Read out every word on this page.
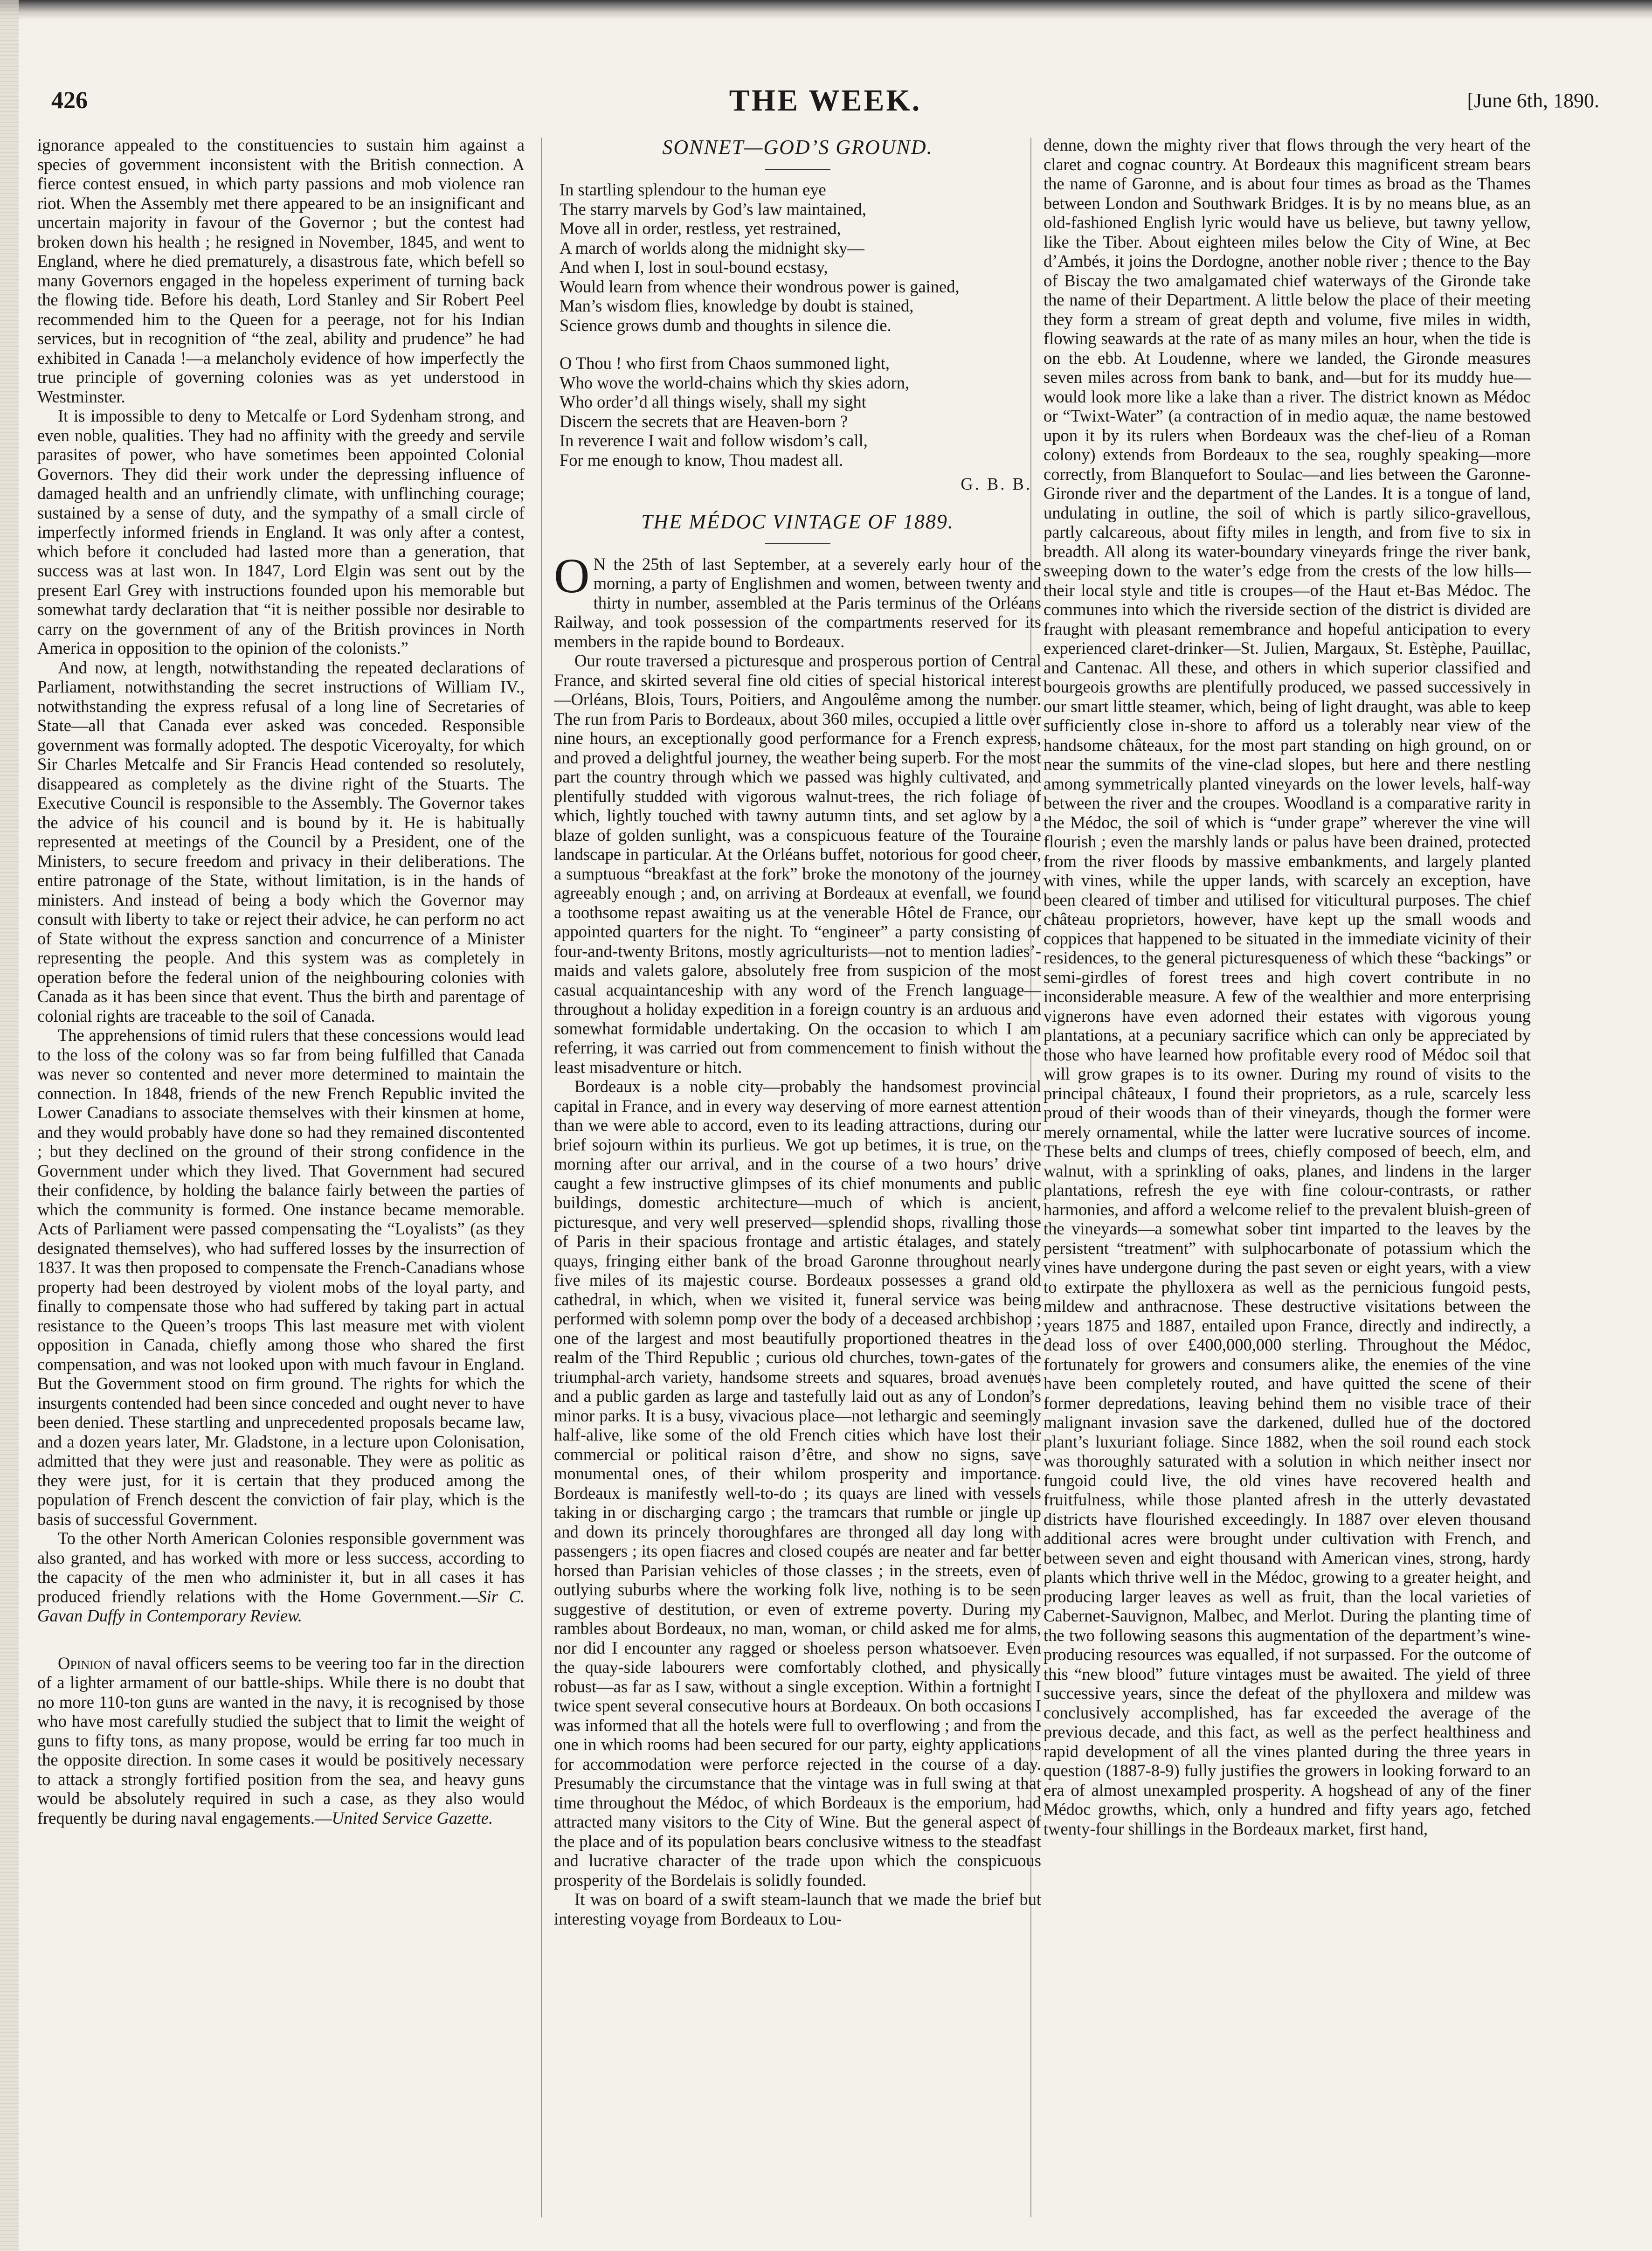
426	THE WEEK.	[June 6th, 1890.

ignorance appealed to the constituencies to sustain him against a species of government inconsistent with the British connection. A fierce contest ensued, in which party passions and mob violence ran riot. When the Assembly met there appeared to be an insignificant and uncertain majority in favour of the Governor ; but the contest had broken down his health ; he resigned in November, 1845, and went to England, where he died prematurely, a disastrous fate, which befell so many Governors engaged in the hopeless experiment of turning back the flowing tide. Before his death, Lord Stanley and Sir Robert Peel recommended him to the Queen for a peerage, not for his Indian services, but in recognition of “the zeal, ability and prudence” he had exhibited in Canada !—a melancholy evidence of how imperfectly the true principle of governing colonies was as yet understood in Westminster.

It is impossible to deny to Metcalfe or Lord Sydenham strong, and even noble, qualities. They had no affinity with the greedy and servile parasites of power, who have sometimes been appointed Colonial Governors. They did their work under the depressing influence of damaged health and an unfriendly climate, with unflinching courage; sustained by a sense of duty, and the sympathy of a small circle of imperfectly informed friends in England. It was only after a contest, which before it concluded had lasted more than a generation, that success was at last won. In 1847, Lord Elgin was sent out by the present Earl Grey with instructions founded upon his memorable but somewhat tardy declaration that “it is neither possible nor desirable to carry on the government of any of the British provinces in North America in opposition to the opinion of the colonists.”

And now, at length, notwithstanding the repeated declarations of Parliament, notwithstanding the secret instructions of William IV., notwithstanding the express refusal of a long line of Secretaries of State—all that Canada ever asked was conceded. Responsible government was formally adopted. The despotic Viceroyalty, for which Sir Charles Metcalfe and Sir Francis Head contended so resolutely, disappeared as completely as the divine right of the Stuarts. The Executive Council is responsible to the Assembly. The Governor takes the advice of his council and is bound by it. He is habitually represented at meetings of the Council by a President, one of the Ministers, to secure freedom and privacy in their deliberations. The entire patronage of the State, without limitation, is in the hands of ministers. And instead of being a body which the Governor may consult with liberty to take or reject their advice, he can perform no act of State without the express sanction and concurrence of a Minister representing the people. And this system was as completely in operation before the federal union of the neighbouring colonies with Canada as it has been since that event. Thus the birth and parentage of colonial rights are traceable to the soil of Canada.

The apprehensions of timid rulers that these concessions would lead to the loss of the colony was so far from being fulfilled that Canada was never so contented and never more determined to maintain the connection. In 1848, friends of the new French Republic invited the Lower Canadians to associate themselves with their kinsmen at home, and they would probably have done so had they remained discontented ; but they declined on the ground of their strong confidence in the Government under which they lived. That Government had secured their confidence, by holding the balance fairly between the parties of which the community is formed. One instance became memorable. Acts of Parliament were passed compensating the “Loyalists” (as they designated themselves), who had suffered losses by the insurrection of 1837. It was then proposed to compensate the French-Canadians whose property had been destroyed by violent mobs of the loyal party, and finally to compensate those who had suffered by taking part in actual resistance to the Queen’s troops This last measure met with violent opposition in Canada, chiefly among those who shared the first compensation, and was not looked upon with much favour in England. But the Government stood on firm ground. The rights for which the insurgents contended had been since conceded and ought never to have been denied. These startling and unprecedented proposals became law, and a dozen years later, Mr. Gladstone, in a lecture upon Colonisation, admitted that they were just and reasonable. They were as politic as they were just, for it is certain that they produced among the population of French descent the conviction of fair play, which is the basis of successful Government.

To the other North American Colonies responsible government was also granted, and has worked with more or less success, according to the capacity of the men who administer it, but in all cases it has produced friendly relations with the Home Government.—Sir C. Gavan Duffy in Contemporary Review.

Opinion of naval officers seems to be veering too far in the direction of a lighter armament of our battle-ships. While there is no doubt that no more 110-ton guns are wanted in the navy, it is recognised by those who have most carefully studied the subject that to limit the weight of guns to fifty tons, as many propose, would be erring far too much in the opposite direction. In some cases it would be positively necessary to attack a strongly fortified position from the sea, and heavy guns would be absolutely required in such a case, as they also would frequently be during naval engagements.—United Service Gazette.

SONNET—GOD’S GROUND.
In startling splendour to the human eye
The starry marvels by God’s law maintained,
Move all in order, restless, yet restrained,
A march of worlds along the midnight sky—
And when I, lost in soul-bound ecstasy,
Would learn from whence their wondrous power is gained,
Man’s wisdom flies, knowledge by doubt is stained,
Science grows dumb and thoughts in silence die.
O Thou ! who first from Chaos summoned light,
Who wove the world-chains which thy skies adorn,
Who order’d all things wisely, shall my sight
Discern the secrets that are Heaven-born ?
In reverence I wait and follow wisdom’s call,
For me enough to know, Thou madest all.
G. B. B.
THE MÉDOC VINTAGE OF 1889.

O N the 25th of last September, at a severely early hour of the morning, a party of Englishmen and women, between twenty and thirty in number, assembled at the Paris terminus of the Orléans Railway, and took possession of the compartments reserved for its members in the rapide bound to Bordeaux.

Our route traversed a picturesque and prosperous portion of Central France, and skirted several fine old cities of special historical interest—Orléans, Blois, Tours, Poitiers, and Angoulême among the number. The run from Paris to Bordeaux, about 360 miles, occupied a little over nine hours, an exceptionally good performance for a French express, and proved a delightful journey, the weather being superb. For the most part the country through which we passed was highly cultivated, and plentifully studded with vigorous walnut-trees, the rich foliage of which, lightly touched with tawny autumn tints, and set aglow by a blaze of golden sunlight, was a conspicuous feature of the Touraine landscape in particular. At the Orléans buffet, notorious for good cheer, a sumptuous “breakfast at the fork” broke the monotony of the journey agreeably enough ; and, on arriving at Bordeaux at evenfall, we found a toothsome repast awaiting us at the venerable Hôtel de France, our appointed quarters for the night. To “engineer” a party consisting of four-and-twenty Britons, mostly agriculturists—not to mention ladies’-maids and valets galore, absolutely free from suspicion of the most casual acquaintanceship with any word of the French language—throughout a holiday expedition in a foreign country is an arduous and somewhat formidable undertaking. On the occasion to which I am referring, it was carried out from commencement to finish without the least misadventure or hitch.

Bordeaux is a noble city—probably the handsomest provincial capital in France, and in every way deserving of more earnest attention than we were able to accord, even to its leading attractions, during our brief sojourn within its purlieus. We got up betimes, it is true, on the morning after our arrival, and in the course of a two hours’ drive caught a few instructive glimpses of its chief monuments and public buildings, domestic architecture—much of which is ancient, picturesque, and very well preserved—splendid shops, rivalling those of Paris in their spacious frontage and artistic étalages, and stately quays, fringing either bank of the broad Garonne throughout nearly five miles of its majestic course. Bordeaux possesses a grand old cathedral, in which, when we visited it, funeral service was being performed with solemn pomp over the body of a deceased archbishop ; one of the largest and most beautifully proportioned theatres in the realm of the Third Republic ; curious old churches, town-gates of the triumphal-arch variety, handsome streets and squares, broad avenues and a public garden as large and tastefully laid out as any of London’s minor parks. It is a busy, vivacious place—not lethargic and seemingly half-alive, like some of the old French cities which have lost their commercial or political raison d’être, and show no signs, save monumental ones, of their whilom prosperity and importance. Bordeaux is manifestly well-to-do ; its quays are lined with vessels taking in or discharging cargo ; the tramcars that rumble or jingle up and down its princely thoroughfares are thronged all day long with passengers ; its open fiacres and closed coupés are neater and far better horsed than Parisian vehicles of those classes ; in the streets, even of outlying suburbs where the working folk live, nothing is to be seen suggestive of destitution, or even of extreme poverty. During my rambles about Bordeaux, no man, woman, or child asked me for alms, nor did I encounter any ragged or shoeless person whatsoever. Even the quay-side labourers were comfortably clothed, and physically robust—as far as I saw, without a single exception. Within a fortnight I twice spent several consecutive hours at Bordeaux. On both occasions I was informed that all the hotels were full to overflowing ; and from the one in which rooms had been secured for our party, eighty applications for accommodation were perforce rejected in the course of a day. Presumably the circumstance that the vintage was in full swing at that time throughout the Médoc, of which Bordeaux is the emporium, had attracted many visitors to the City of Wine. But the general aspect of the place and of its population bears conclusive witness to the steadfast and lucrative character of the trade upon which the conspicuous prosperity of the Bordelais is solidly founded.

It was on board of a swift steam-launch that we made the brief but interesting voyage from Bordeaux to Lou-

denne, down the mighty river that flows through the very heart of the claret and cognac country. At Bordeaux this magnificent stream bears the name of Garonne, and is about four times as broad as the Thames between London and Southwark Bridges. It is by no means blue, as an old-fashioned English lyric would have us believe, but tawny yellow, like the Tiber. About eighteen miles below the City of Wine, at Bec d’Ambés, it joins the Dordogne, another noble river ; thence to the Bay of Biscay the two amalgamated chief waterways of the Gironde take the name of their Department. A little below the place of their meeting they form a stream of great depth and volume, five miles in width, flowing seawards at the rate of as many miles an hour, when the tide is on the ebb. At Loudenne, where we landed, the Gironde measures seven miles across from bank to bank, and—but for its muddy hue—would look more like a lake than a river. The district known as Médoc or “Twixt-Water” (a contraction of in medio aquæ, the name bestowed upon it by its rulers when Bordeaux was the chef-lieu of a Roman colony) extends from Bordeaux to the sea, roughly speaking—more correctly, from Blanquefort to Soulac—and lies between the Garonne-Gironde river and the department of the Landes. It is a tongue of land, undulating in outline, the soil of which is partly silico-gravellous, partly calcareous, about fifty miles in length, and from five to six in breadth. All along its water-boundary vineyards fringe the river bank, sweeping down to the water’s edge from the crests of the low hills—their local style and title is croupes—of the Haut et-Bas Médoc. The communes into which the riverside section of the district is divided are fraught with pleasant remembrance and hopeful anticipation to every experienced claret-drinker—St. Julien, Margaux, St. Estèphe, Pauillac, and Cantenac. All these, and others in which superior classified and bourgeois growths are plentifully produced, we passed successively in our smart little steamer, which, being of light draught, was able to keep sufficiently close in-shore to afford us a tolerably near view of the handsome châteaux, for the most part standing on high ground, on or near the summits of the vine-clad slopes, but here and there nestling among symmetrically planted vineyards on the lower levels, half-way between the river and the croupes. Woodland is a comparative rarity in the Médoc, the soil of which is “under grape” wherever the vine will flourish ; even the marshly lands or palus have been drained, protected from the river floods by massive embankments, and largely planted with vines, while the upper lands, with scarcely an exception, have been cleared of timber and utilised for viticultural purposes. The chief château proprietors, however, have kept up the small woods and coppices that happened to be situated in the immediate vicinity of their residences, to the general picturesqueness of which these “backings” or semi-girdles of forest trees and high covert contribute in no inconsiderable measure. A few of the wealthier and more enterprising vignerons have even adorned their estates with vigorous young plantations, at a pecuniary sacrifice which can only be appreciated by those who have learned how profitable every rood of Médoc soil that will grow grapes is to its owner. During my round of visits to the principal châteaux, I found their proprietors, as a rule, scarcely less proud of their woods than of their vineyards, though the former were merely ornamental, while the latter were lucrative sources of income. These belts and clumps of trees, chiefly composed of beech, elm, and walnut, with a sprinkling of oaks, planes, and lindens in the larger plantations, refresh the eye with fine colour-contrasts, or rather harmonies, and afford a welcome relief to the prevalent bluish-green of the vineyards—a somewhat sober tint imparted to the leaves by the persistent “treatment” with sulphocarbonate of potassium which the vines have undergone during the past seven or eight years, with a view to extirpate the phylloxera as well as the pernicious fungoid pests, mildew and anthracnose. These destructive visitations between the years 1875 and 1887, entailed upon France, directly and indirectly, a dead loss of over £400,000,000 sterling. Throughout the Médoc, fortunately for growers and consumers alike, the enemies of the vine have been completely routed, and have quitted the scene of their former depredations, leaving behind them no visible trace of their malignant invasion save the darkened, dulled hue of the doctored plant’s luxuriant foliage. Since 1882, when the soil round each stock was thoroughly saturated with a solution in which neither insect nor fungoid could live, the old vines have recovered health and fruitfulness, while those planted afresh in the utterly devastated districts have flourished exceedingly. In 1887 over eleven thousand additional acres were brought under cultivation with French, and between seven and eight thousand with American vines, strong, hardy plants which thrive well in the Médoc, growing to a greater height, and producing larger leaves as well as fruit, than the local varieties of Cabernet-Sauvignon, Malbec, and Merlot. During the planting time of the two following seasons this augmentation of the department’s wine-producing resources was equalled, if not surpassed. For the outcome of this “new blood” future vintages must be awaited. The yield of three successive years, since the defeat of the phylloxera and mildew was conclusively accomplished, has far exceeded the average of the previous decade, and this fact, as well as the perfect healthiness and rapid development of all the vines planted during the three years in question (1887-8-9) fully justifies the growers in looking forward to an era of almost unexampled prosperity. A hogshead of any of the finer Médoc growths, which, only a hundred and fifty years ago, fetched twenty-four shillings in the Bordeaux market, first hand,
